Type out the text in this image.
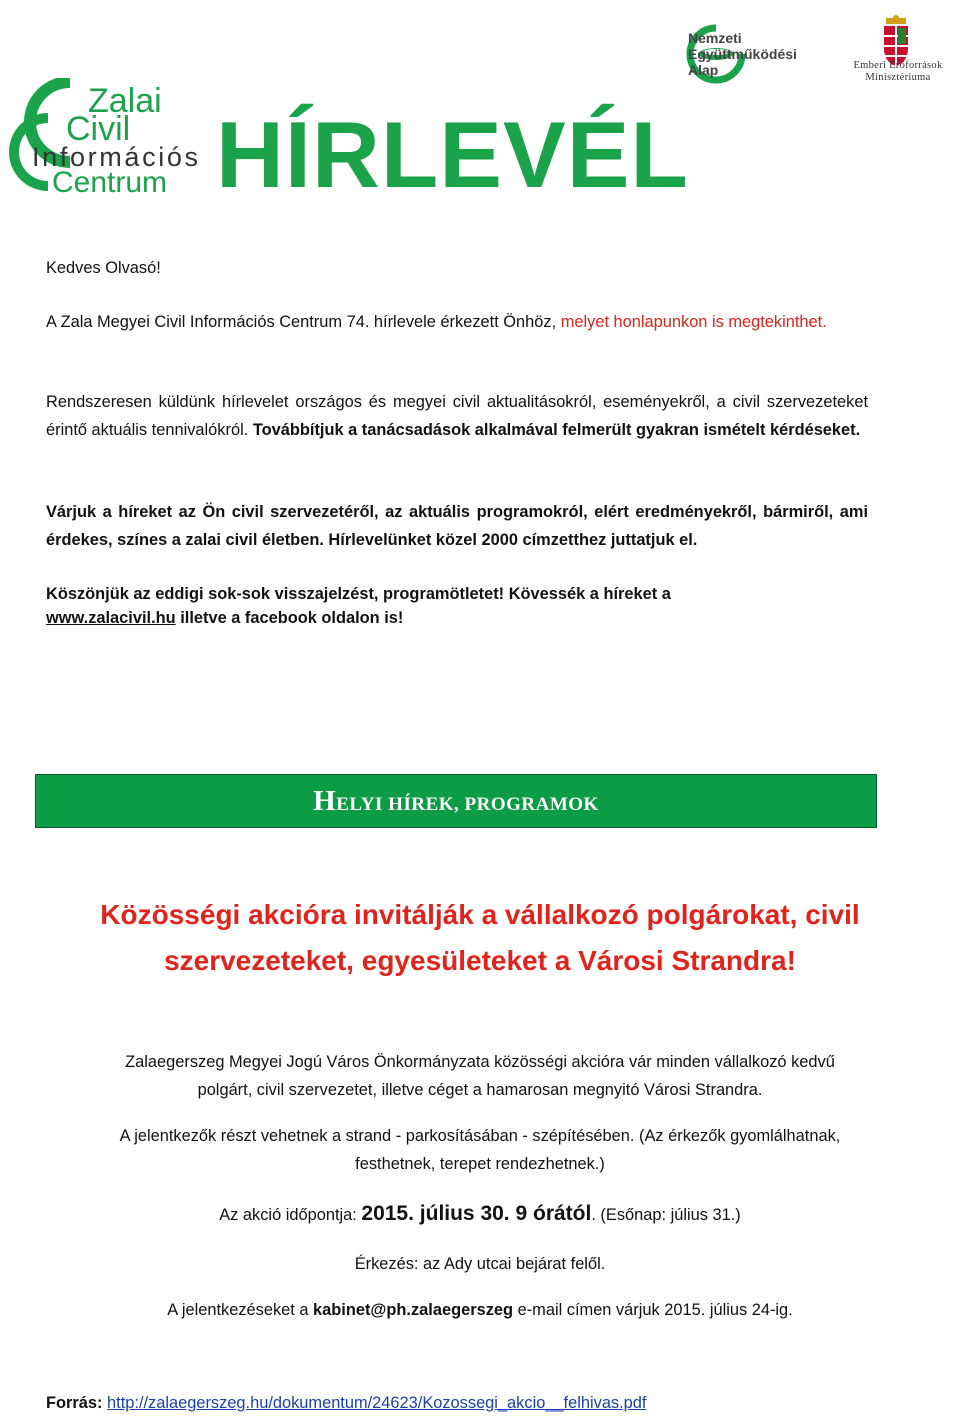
Zalai
Civil
Információs
Centrum HÍRLEVÉL
Nemzeti
Együttműködési
Alap	Emberi Erőforrások
Minisztériuma
Kedves Olvasó!
A Zala Megyei Civil Információs Centrum 74. hírlevele érkezett Önhöz, melyet honlapunkon is megtekinthet.
Rendszeresen küldünk hírlevelet országos és megyei civil aktualitásokról, eseményekről, a civil szervezeteket érintő aktuális tennivalókról. Továbbítjuk a tanácsadások alkalmával felmerült gyakran ismételt kérdéseket.
Várjuk a híreket az Ön civil szervezetéről, az aktuális programokról, elért eredményekről, bármiről, ami érdekes, színes a zalai civil életben. Hírlevelünket közel 2000 címzetthez juttatjuk el.
Köszönjük az eddigi sok-sok visszajelzést, programötletet! Kövessék a híreket a
www.zalacivil.hu illetve a facebook oldalon is!
HELYI HÍREK, PROGRAMOK
Közösségi akcióra invitálják a vállalkozó polgárokat, civil
szervezeteket, egyesületeket a Városi Strandra!
Zalaegerszeg Megyei Jogú Város Önkormányzata közösségi akcióra vár minden vállalkozó kedvű
polgárt, civil szervezetet, illetve céget a hamarosan megnyitó Városi Strandra.
A jelentkezők részt vehetnek a strand - parkosításában - szépítésében. (Az érkezők gyomlálhatnak,
festhetnek, terepet rendezhetnek.)
Az akció időpontja: 2015. július 30. 9 órától. (Esőnap: július 31.)
Érkezés: az Ady utcai bejárat felől.
A jelentkezéseket a kabinet@ph.zalaegerszeg e-mail címen várjuk 2015. július 24-ig.
Forrás: http://zalaegerszeg.hu/dokumentum/24623/Kozossegi_akcio__felhivas.pdf
